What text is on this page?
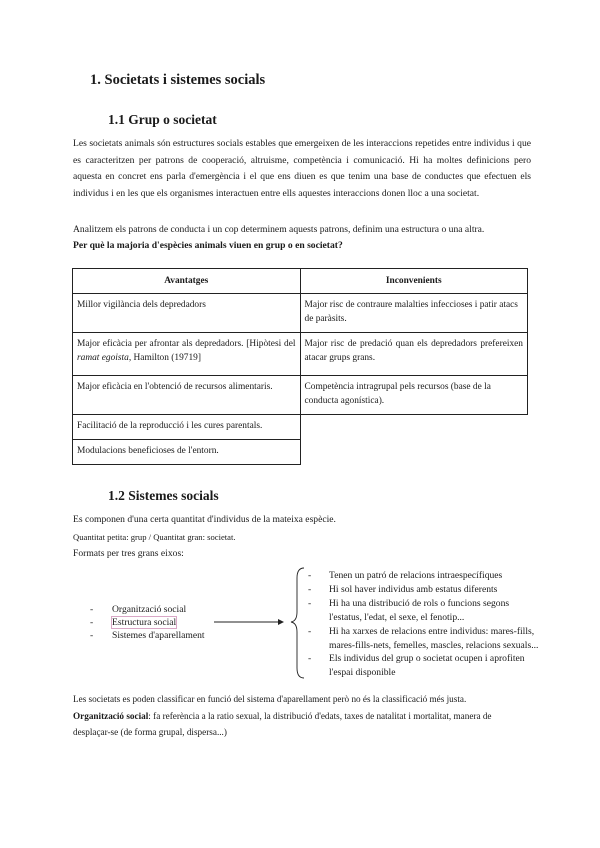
1. Societats i sistemes socials
1.1 Grup o societat
Les societats animals són estructures socials estables que emergeixen de les interaccions repetides entre individus i que es caracteritzen per patrons de cooperació, altruisme, competència i comunicació. Hi ha moltes definicions pero aquesta en concret ens parla d'emergència i el que ens diuen es que tenim una base de conductes que efectuen els individus i en les que els organismes interactuen entre ells aquestes interaccions donen lloc a una societat.
Analitzem els patrons de conducta i un cop determinem aquests patrons, definim una estructura o una altra.
Per què la majoria d'espècies animals viuen en grup o en societat?
Avantatges	Inconvenients
Millor vigilància dels depredadors	Major risc de contraure malalties infeccioses i patir atacs de paràsits.
Major eficàcia per afrontar als depredadors. [Hipòtesi del ramat egoista, Hamilton (19719]	Major risc de predació quan els depredadors prefereixen atacar grups grans.
Major eficàcia en l'obtenció de recursos alimentaris.	Competència intragrupal pels recursos (base de la conducta agonística).
Facilitació de la reproducció i les cures parentals.	
Modulacions beneficioses de l'entorn.	
1.2 Sistemes socials
Es componen d'una certa quantitat d'individus de la mateixa espècie.
Quantitat petita: grup / Quantitat gran: societat.
Formats per tres grans eixos:
- Organització social
- Estructura social
- Sistemes d'aparellament
- Tenen un patró de relacions intraespecífiques
- Hi sol haver individus amb estatus diferents
- Hi ha una distribució de rols o funcions segons
l'estatus, l'edat, el sexe, el fenotip...
- Hi ha xarxes de relacions entre individus: mares-fills,
mares-fills-nets, femelles, mascles, relacions sexuals...
- Els individus del grup o societat ocupen i aprofiten
l'espai disponible
Les societats es poden classificar en funció del sistema d'aparellament però no és la classificació més justa.
Organització social: fa referència a la ratio sexual, la distribució d'edats, taxes de natalitat i mortalitat, manera de
desplaçar-se (de forma grupal, dispersa...)
